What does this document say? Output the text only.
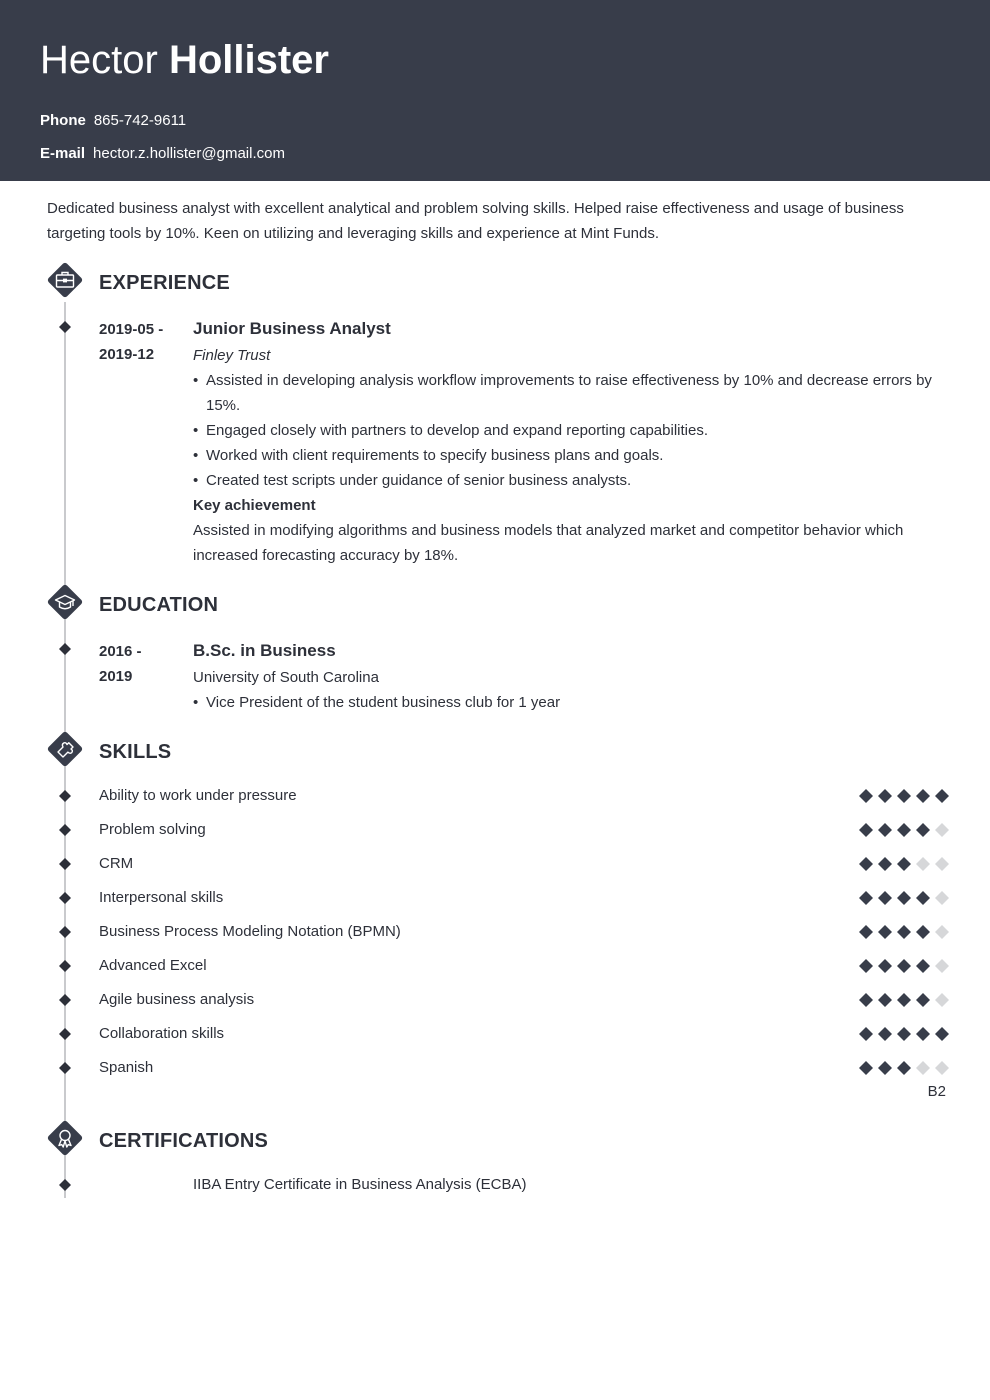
Hector Hollister
Phone 865-742-9611
E-mail hector.z.hollister@gmail.com

Dedicated business analyst with excellent analytical and problem solving skills. Helped raise effectiveness and usage of business targeting tools by 10%. Keen on utilizing and leveraging skills and experience at Mint Funds.

EXPERIENCE
2019-05 -
2019-12
Junior Business Analyst
Finley Trust
• Assisted in developing analysis workflow improvements to raise effectiveness by 10% and decrease errors by 15%.
• Engaged closely with partners to develop and expand reporting capabilities.
• Worked with client requirements to specify business plans and goals.
• Created test scripts under guidance of senior business analysts.
Key achievement

Assisted in modifying algorithms and business models that analyzed market and competitor behavior which increased forecasting accuracy by 18%.

EDUCATION
2016 -
2019
B.Sc. in Business
University of South Carolina
• Vice President of the student business club for 1 year
SKILLS
Ability to work under pressure
Problem solving
CRM
Interpersonal skills
Business Process Modeling Notation (BPMN)
Advanced Excel
Agile business analysis
Collaboration skills
Spanish
B2
CERTIFICATIONS
IIBA Entry Certificate in Business Analysis (ECBA)
